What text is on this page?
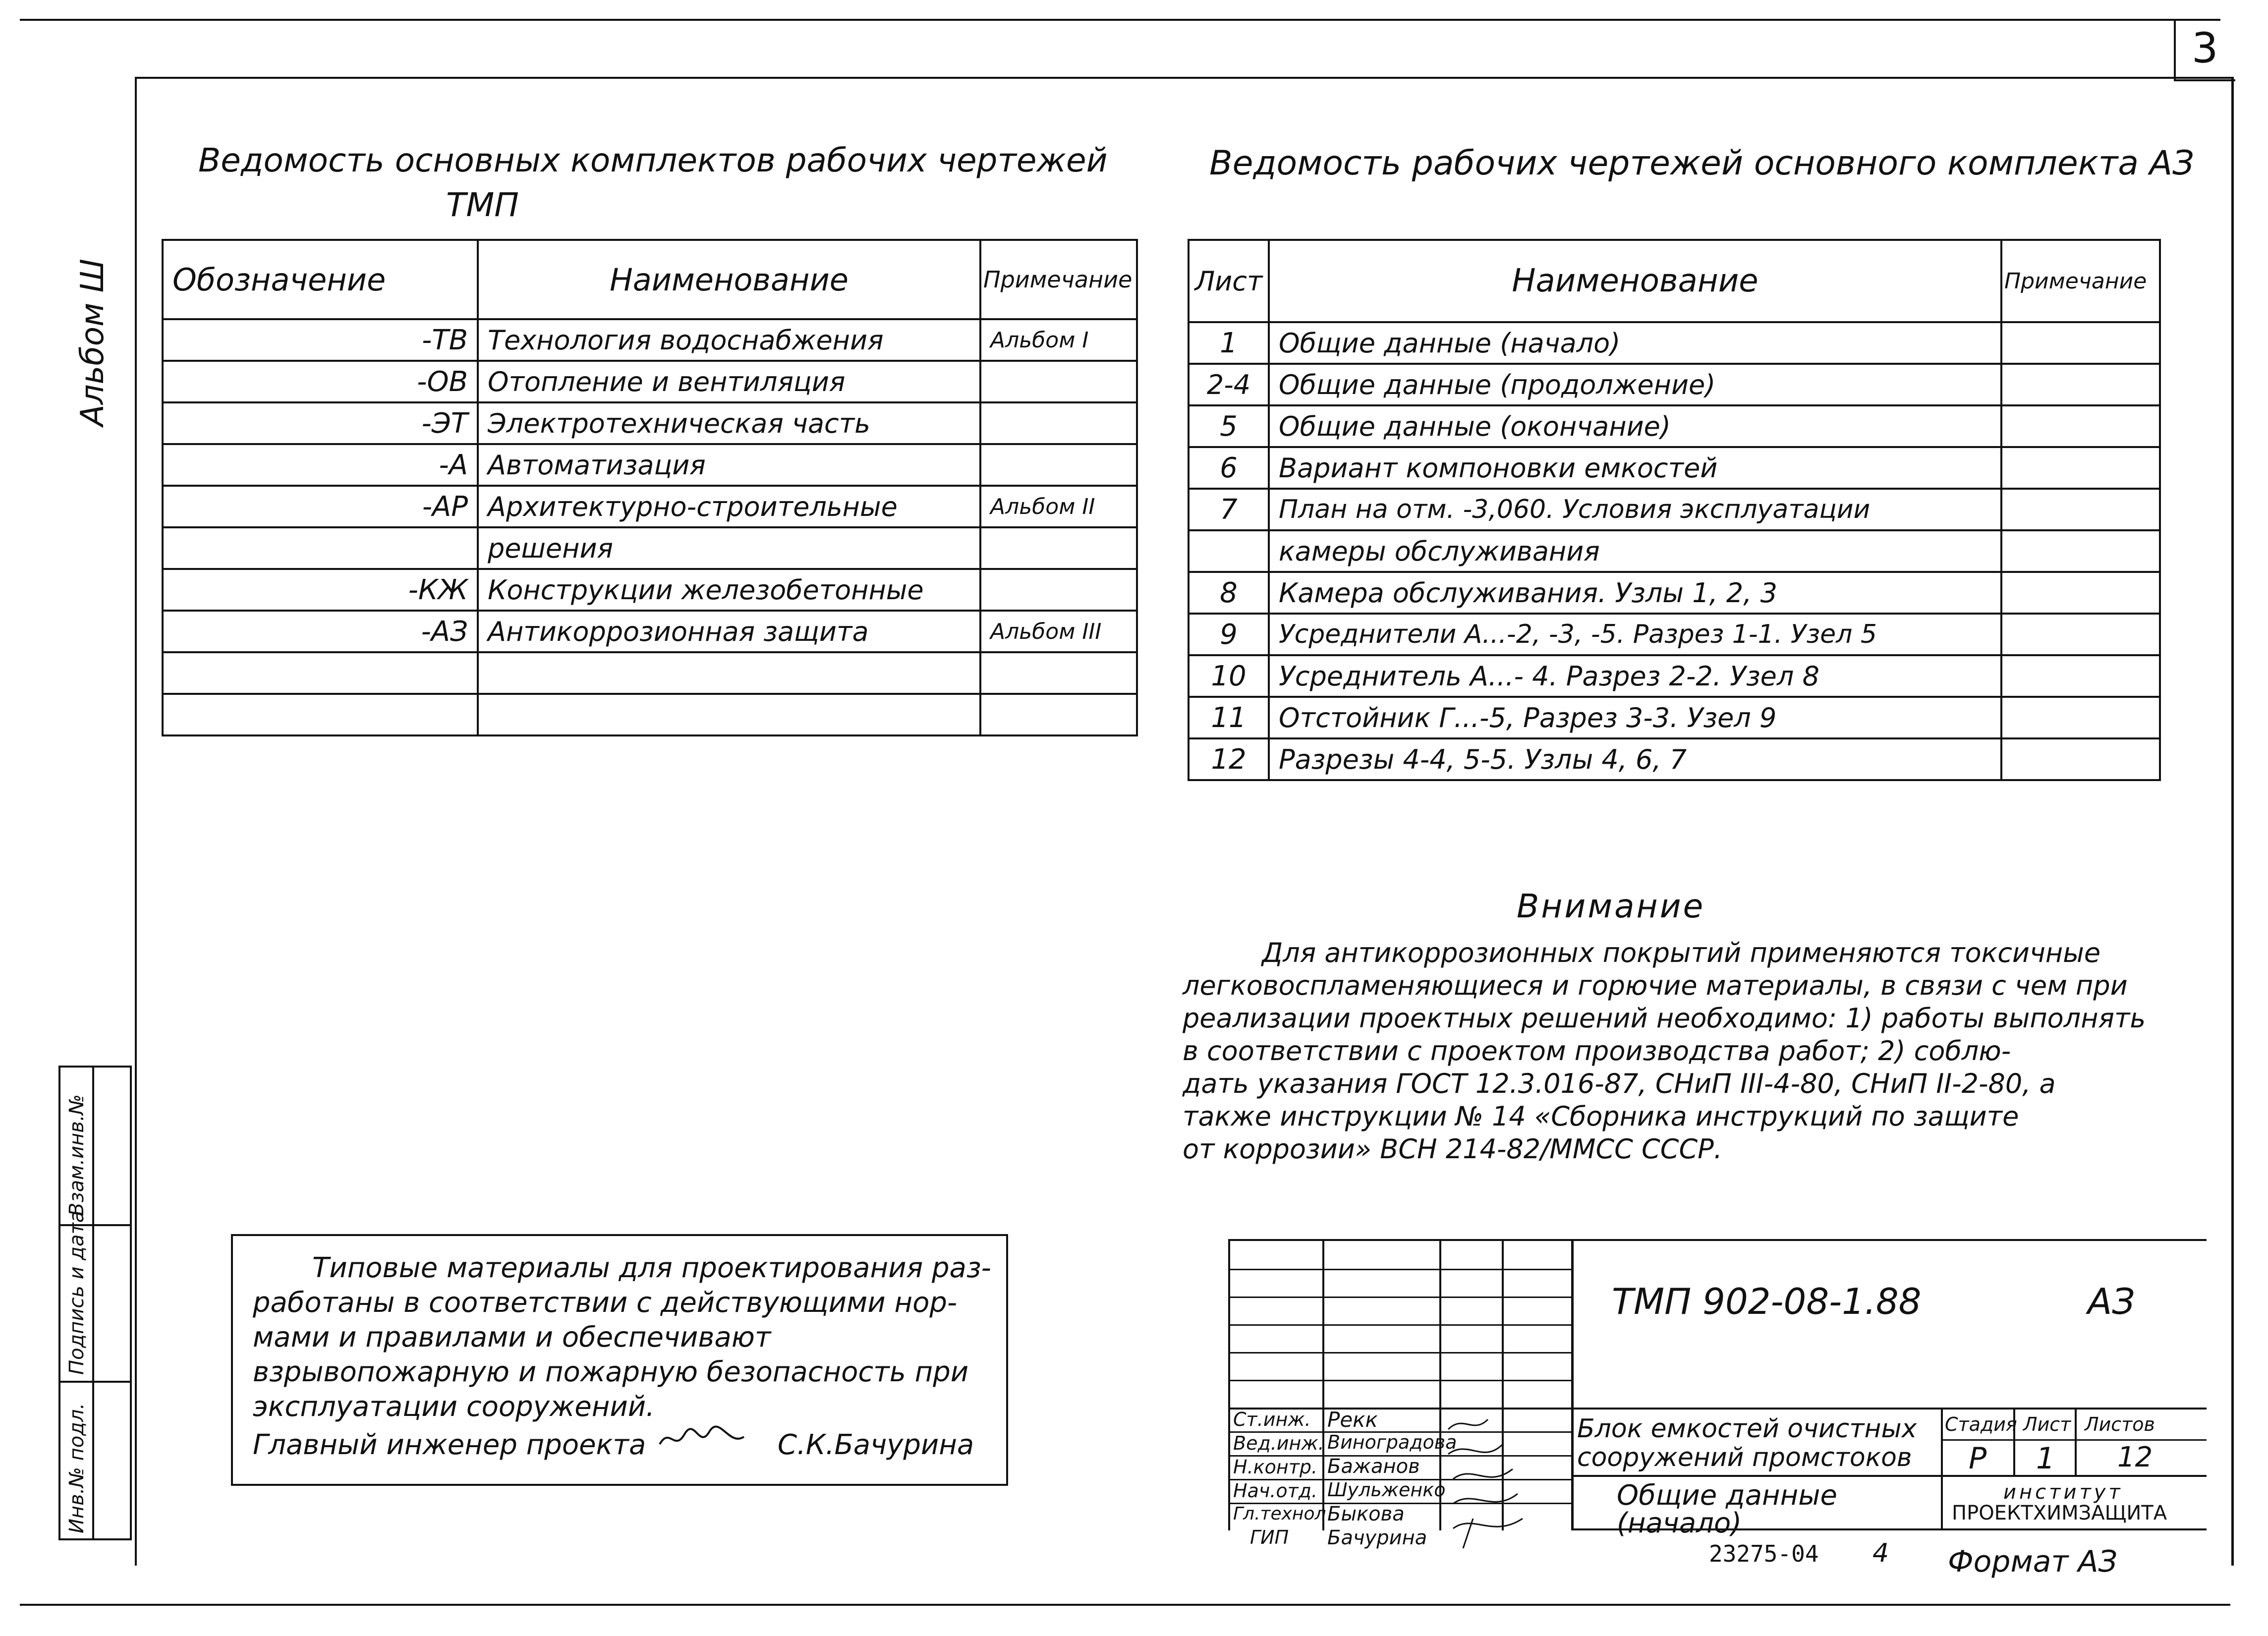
3
Альбом Ш
Ведомость основных комплектов рабочих чертежей
ТМП
Обозначение	Наименование	Примечание
-ТВ	Технология водоснабжения	Альбом I
-ОВ	Отопление и вентиляция	
-ЭТ	Электротехническая часть	
-А	Автоматизация	
-АР	Архитектурно-строительные	Альбом II
	решения	
-КЖ	Конструкции железобетонные	
-АЗ	Антикоррозионная защита	Альбом III

Ведомость рабочих чертежей основного комплекта АЗ
Лист	Наименование	Примечание
1	Общие данные (начало)	
2-4	Общие данные (продолжение)	
5	Общие данные (окончание)	
6	Вариант компоновки емкостей	
7	План на отм. -3,060. Условия эксплуатации	
	камеры обслуживания	
8	Камера обслуживания. Узлы 1, 2, 3	
9	Усреднители А...-2, -3, -5. Разрез 1-1. Узел 5	
10	Усреднитель А...- 4. Разрез 2-2. Узел 8	
11	Отстойник Г...-5, Разрез 3-3. Узел 9	
12	Разрезы 4-4, 5-5. Узлы 4, 6, 7	
Внимание
Для антикоррозионных покрытий применяются токсичные
легковоспламеняющиеся и горючие материалы, в связи с чем при
реализации проектных решений необходимо: 1) работы выполнять
в соответствии с проектом производства работ; 2) соблю-
дать указания ГОСТ 12.3.016-87, СНиП III-4-80, СНиП II-2-80, а
также инструкции № 14 «Сборника инструкций по защите
от коррозии» ВСН 214-82/ММСС СССР.
Типовые материалы для проектирования раз-
работаны в соответствии с действующими нор-
мами и правилами и обеспечивают
взрывопожарную и пожарную безопасность при
эксплуатации сооружений.
Главный инженер проекта	С.К.Бачурина
Инв.№ подл.
Подпись и дата
Взам.инв.№
ТМП 902-08-1.88	АЗ
Ст.инж. Рекк
Вед.инж. Виноградова
Н.контр. Бажанов
Нач.отд. Шульженко
Гл.технол Быкова
ГИП Бачурина
Блок емкостей очистных сооружений промстоков
Общие данные (начало)
Стадия Лист Листов
Р 1 12
институт
ПРОЕКТХИМЗАЩИТА
23275-04 4 Формат АЗ
